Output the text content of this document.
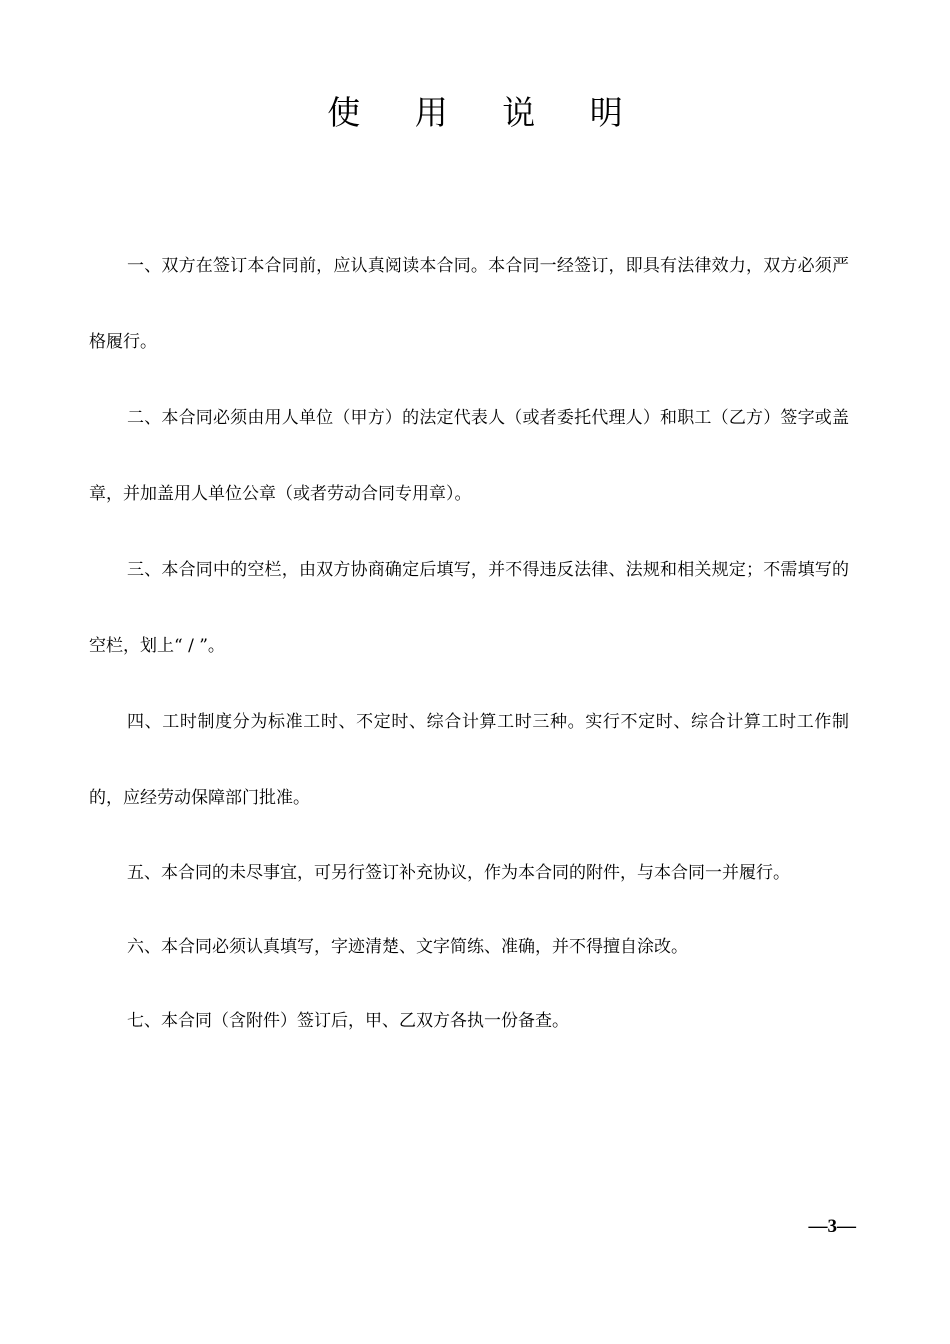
使 用 说 明

一、双方在签订本合同前，应认真阅读本合同。本合同一经签订，即具有法律效力，双方必须严格履行。

二、本合同必须由用人单位（甲方）的法定代表人（或者委托代理人）和职工（乙方）签字或盖章，并加盖用人单位公章（或者劳动合同专用章）。

三、本合同中的空栏，由双方协商确定后填写，并不得违反法律、法规和相关规定；不需填写的空栏，划上“ / ”。

四、工时制度分为标准工时、不定时、综合计算工时三种。实行不定时、综合计算工时工作制的，应经劳动保障部门批准。

五、本合同的未尽事宜，可另行签订补充协议，作为本合同的附件，与本合同一并履行。

六、本合同必须认真填写，字迹清楚、文字简练、准确，并不得擅自涂改。

七、本合同（含附件）签订后，甲、乙双方各执一份备查。

—3—
